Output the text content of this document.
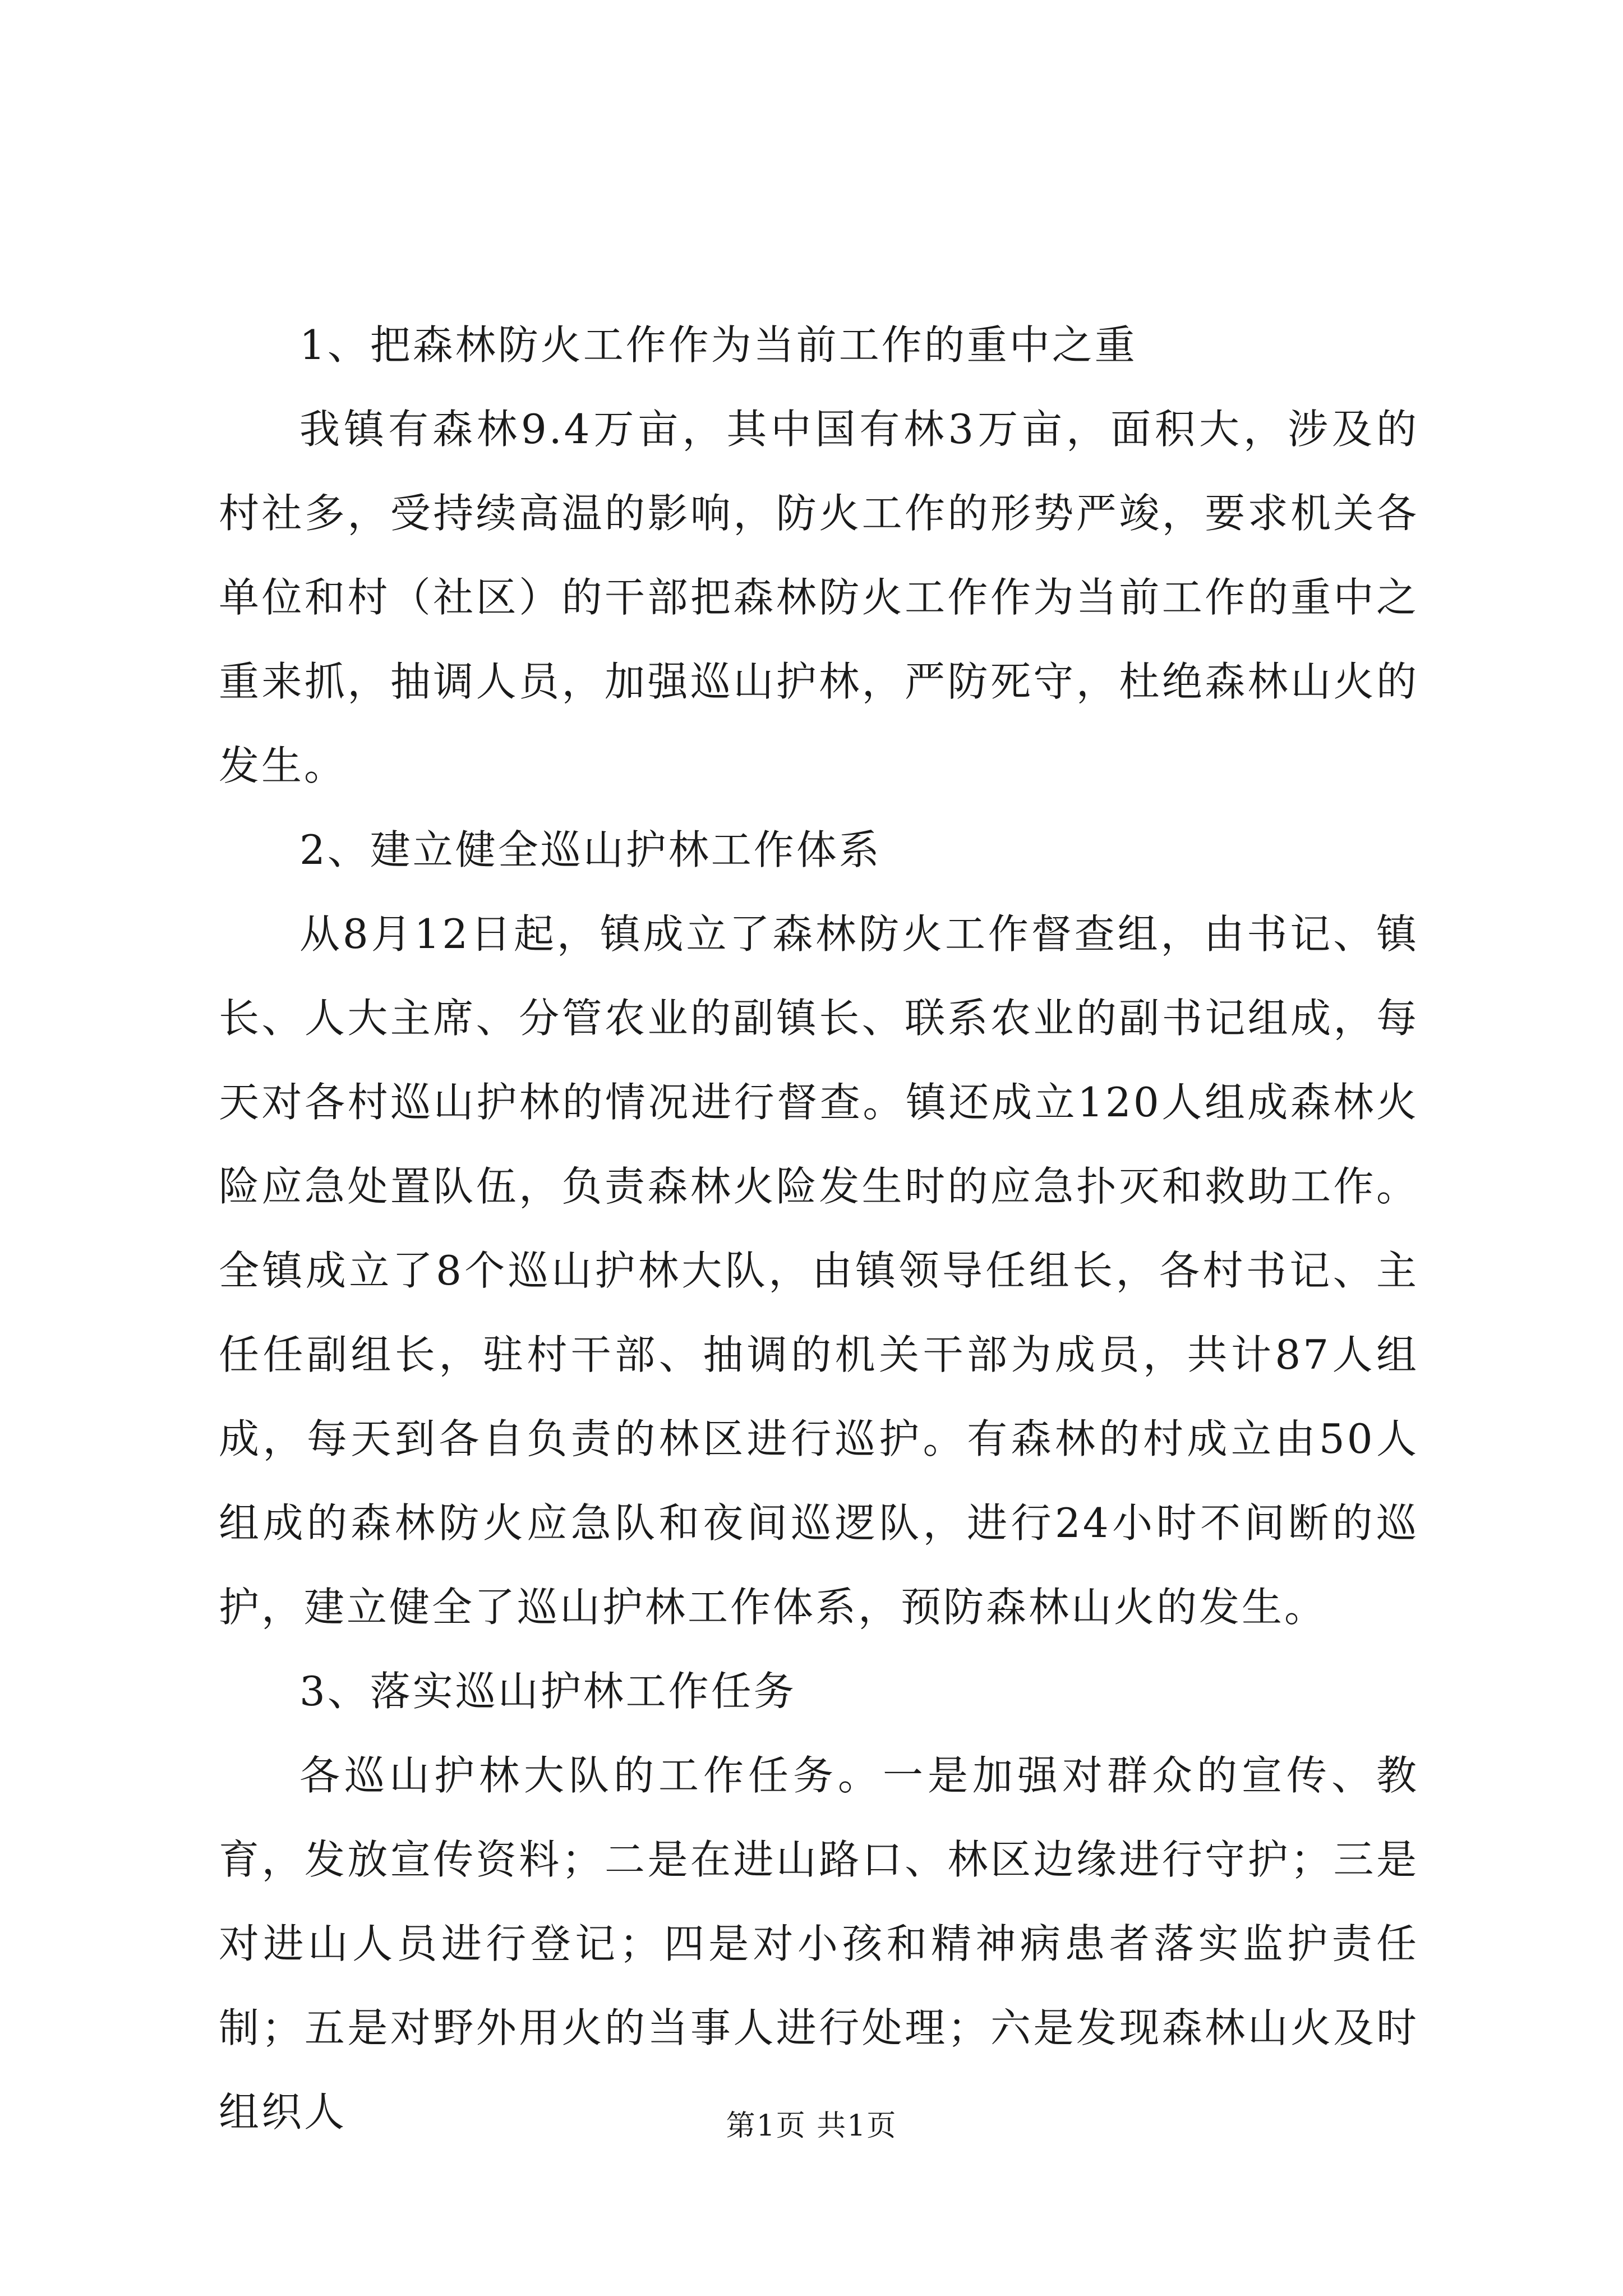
1、把森林防火工作作为当前工作的重中之重

我镇有森林9.4万亩，其中国有林3万亩，面积大，涉及的村社多，受持续高温的影响，防火工作的形势严竣，要求机关各单位和村（社区）的干部把森林防火工作作为当前工作的重中之重来抓，抽调人员，加强巡山护林，严防死守，杜绝森林山火的发生。

2、建立健全巡山护林工作体系

从8月12日起，镇成立了森林防火工作督查组，由书记、镇长、人大主席、分管农业的副镇长、联系农业的副书记组成，每天对各村巡山护林的情况进行督查。镇还成立120人组成森林火险应急处置队伍，负责森林火险发生时的应急扑灭和救助工作。全镇成立了8个巡山护林大队，由镇领导任组长，各村书记、主任任副组长，驻村干部、抽调的机关干部为成员，共计87人组成，每天到各自负责的林区进行巡护。有森林的村成立由50人组成的森林防火应急队和夜间巡逻队，进行24小时不间断的巡护，建立健全了巡山护林工作体系，预防森林山火的发生。

3、落实巡山护林工作任务

各巡山护林大队的工作任务。一是加强对群众的宣传、教育，发放宣传资料；二是在进山路口、林区边缘进行守护；三是对进山人员进行登记；四是对小孩和精神病患者落实监护责任制；五是对野外用火的当事人进行处理；六是发现森林山火及时组织人	第1页 共1页
